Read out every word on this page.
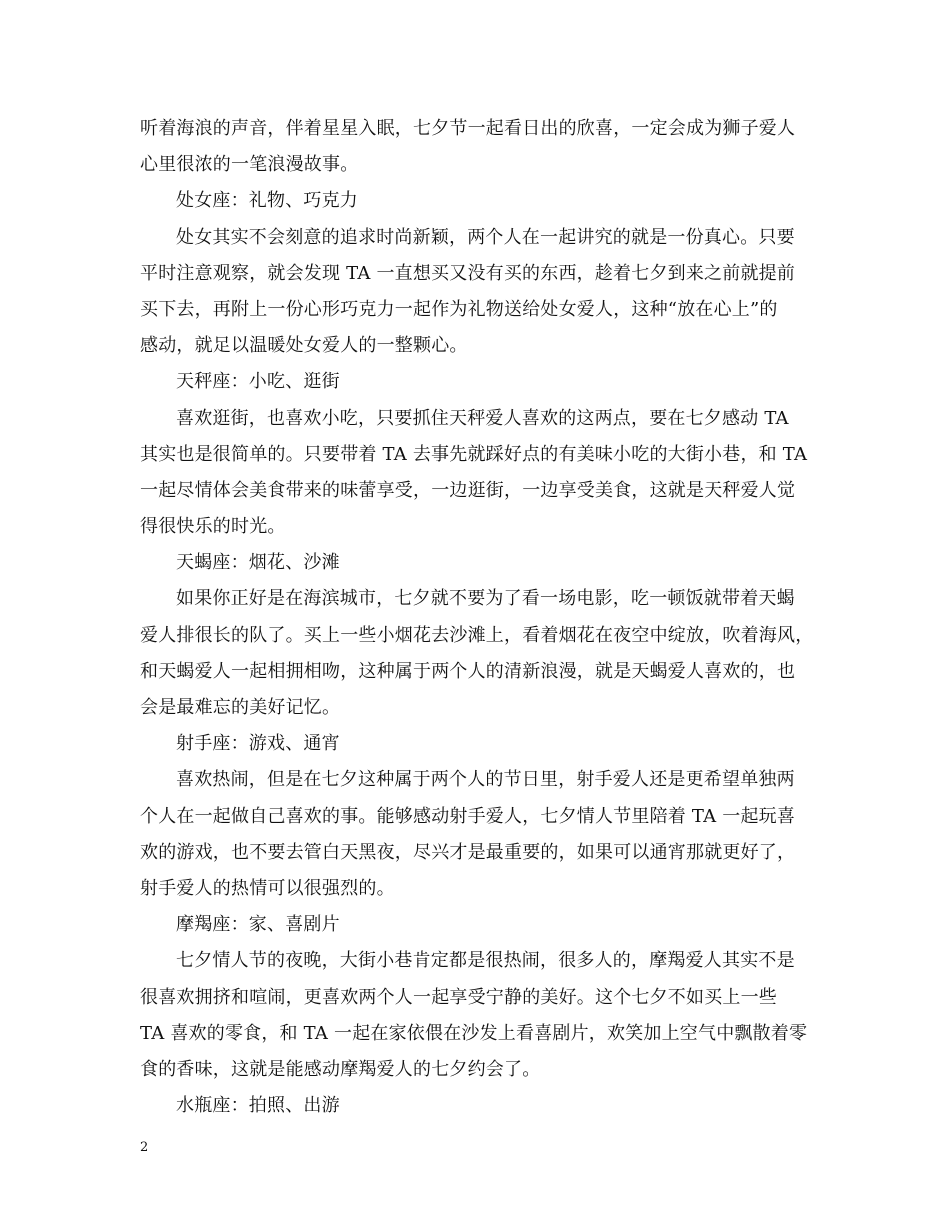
听着海浪的声音，伴着星星入眠，七夕节一起看日出的欣喜，一定会成为狮子爱人
心里很浓的一笔浪漫故事。
处女座：礼物、巧克力
处女其实不会刻意的追求时尚新颖，两个人在一起讲究的就是一份真心。只要
平时注意观察，就会发现 TA 一直想买又没有买的东西，趁着七夕到来之前就提前
买下去，再附上一份心形巧克力一起作为礼物送给处女爱人，这种“放在心上”的
感动，就足以温暖处女爱人的一整颗心。
天秤座：小吃、逛街
喜欢逛街，也喜欢小吃，只要抓住天秤爱人喜欢的这两点，要在七夕感动 TA
其实也是很简单的。只要带着 TA 去事先就踩好点的有美味小吃的大街小巷，和 TA
一起尽情体会美食带来的味蕾享受，一边逛街，一边享受美食，这就是天秤爱人觉
得很快乐的时光。
天蝎座：烟花、沙滩
如果你正好是在海滨城市，七夕就不要为了看一场电影，吃一顿饭就带着天蝎
爱人排很长的队了。买上一些小烟花去沙滩上，看着烟花在夜空中绽放，吹着海风，
和天蝎爱人一起相拥相吻，这种属于两个人的清新浪漫，就是天蝎爱人喜欢的，也
会是最难忘的美好记忆。
射手座：游戏、通宵
喜欢热闹，但是在七夕这种属于两个人的节日里，射手爱人还是更希望单独两
个人在一起做自己喜欢的事。能够感动射手爱人，七夕情人节里陪着 TA 一起玩喜
欢的游戏，也不要去管白天黑夜，尽兴才是最重要的，如果可以通宵那就更好了，
射手爱人的热情可以很强烈的。
摩羯座：家、喜剧片
七夕情人节的夜晚，大街小巷肯定都是很热闹，很多人的，摩羯爱人其实不是
很喜欢拥挤和喧闹，更喜欢两个人一起享受宁静的美好。这个七夕不如买上一些
TA 喜欢的零食，和 TA 一起在家依偎在沙发上看喜剧片，欢笑加上空气中飘散着零
食的香味，这就是能感动摩羯爱人的七夕约会了。
水瓶座：拍照、出游
2
